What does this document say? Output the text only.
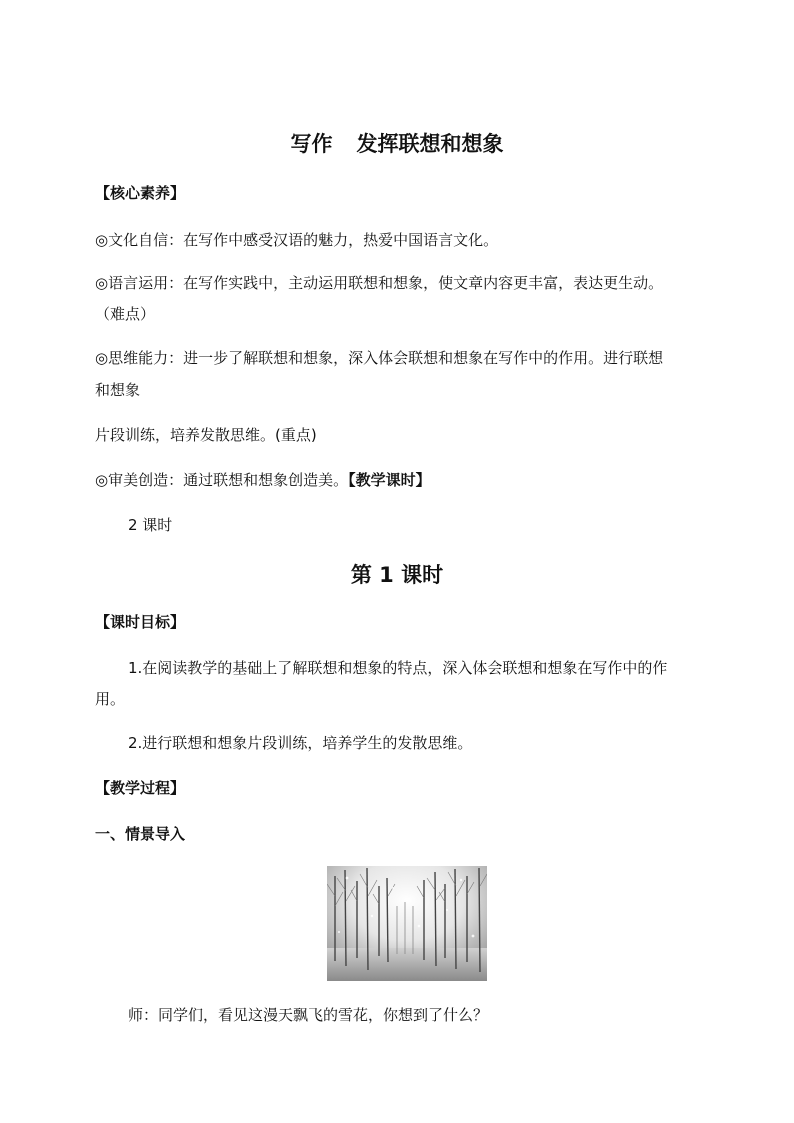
写作 发挥联想和想象
【核心素养】
◎文化自信：在写作中感受汉语的魅力，热爱中国语言文化。
◎语言运用：在写作实践中，主动运用联想和想象，使文章内容更丰富，表达更生动。
（难点）
◎思维能力：进一步了解联想和想象，深入体会联想和想象在写作中的作用。进行联想
和想象
片段训练，培养发散思维。(重点)
◎审美创造：通过联想和想象创造美。【教学课时】
2 课时
第 1 课时
【课时目标】
1.在阅读教学的基础上了解联想和想象的特点，深入体会联想和想象在写作中的作
用。
2.进行联想和想象片段训练，培养学生的发散思维。
【教学过程】
一、情景导入
师：同学们，看见这漫天飘飞的雪花，你想到了什么？
